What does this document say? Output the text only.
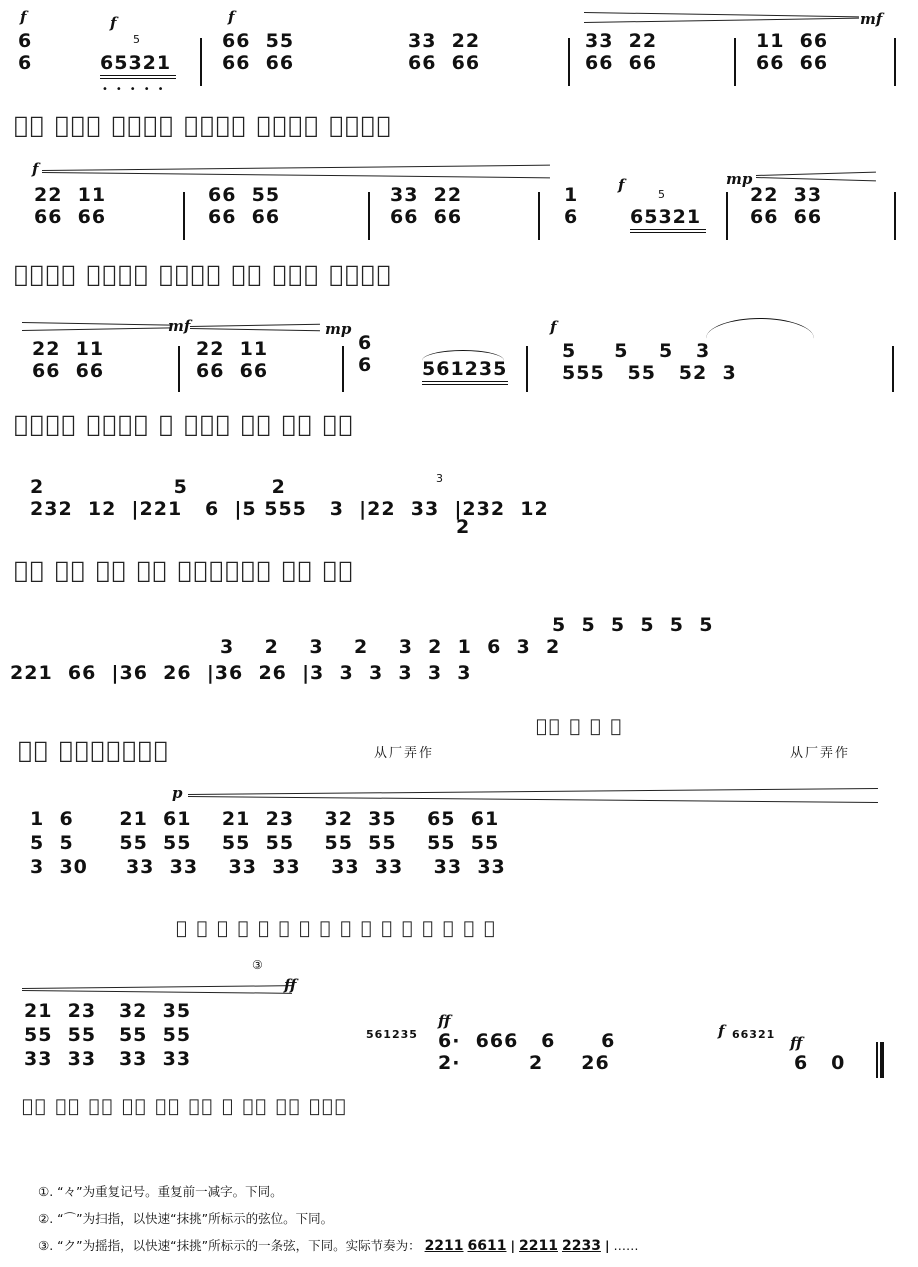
f
6
6
f
5
65321
•••••
f
66  55
66  66
33  22
66  66
mf
33  22
66  66
11  66
66  66
𫶸𫶹 𫷀工三 𫶸𫶹𫶸𫶹 𫶸𫶹𫶸𫶹 𫶸𫶹𫶸𫶹 𫶸𫶹𫶸𫶹
f
22  11
66  66
66  55
66  66
33  22
66  66
1
6
f
5
65321
mp
22  33
66  66
𫶸𫶹𫶸𫶹 𫶸𫶹𫶸𫶹 𫶸𫶹𫶸𫶹 𫶸𫶹 𫷀工三 𫶸𫶹𫶸𫶹
mf	mp
22  11
66  66
22  11
66  66
6
6	561235
f
5     5    5   3
555   55   52  3
𫶸𫶹𫶸𫶹 𫶸𫶹𫶸𫶹 𫶸 𫷀工六 𫶸𫶹 𫶸𫶹 𫶸𫶹
2                 5           2
232  12  |221   6  |5 555   3  |22  33  |232  12
3
2
𫶸𫶹 𫶸𫶹 𫶸𫶹 𫶸𫶹 𫶸𫶹𫶸𫶹𫶸𫶹 𫶸𫶹 𫶸𫶹
3    2    3    2    3  2  1  6  3  2
5  5  5  5  5  5
221  66  |36  26  |36  26  |3  3  3  3  3  3
𫶸𫶹 𫶸𫶹「𫶸𫶹𫶸𫶹	从厂弄作
「𫶸 𫶹 𫶸 𫶹
从厂弄作
p
1  6      21  61    21  23    32  35    65  61
5  5      55  55    55  55    55  55    55  55
3  30     33  33    33  33    33  33    33  33
𫶸 𫶹 𫶸 𫶹 𫶸 𫶹 𫶸 𫶹 𫶸 𫶹 𫶸 𫶹 𫶸 𫶹 𫶸 𫶹
③
ff
21  23   32  35
55  55   55  55
33  33   33  33
561235
ff
6·  666   6      6
2·         2     26
f 66321 ff
6   0
𫶸𫶹 𫶸𫶹 𫶸𫶹 𫶸𫶹 𫶸𫶹 𫶸𫶹 𫶸 𫶸𫶹 𫶸𫶹 𫷀工二
①. “々”为重复记号。重复前一减字。下同。
②. “⌒”为扫指，以快速“抹挑”所标示的弦位。下同。
③. “ク”为摇指，以快速“抹挑”所标示的一条弦，下同。实际节奏为： 2211 6611 | 2211 2233 | ……
